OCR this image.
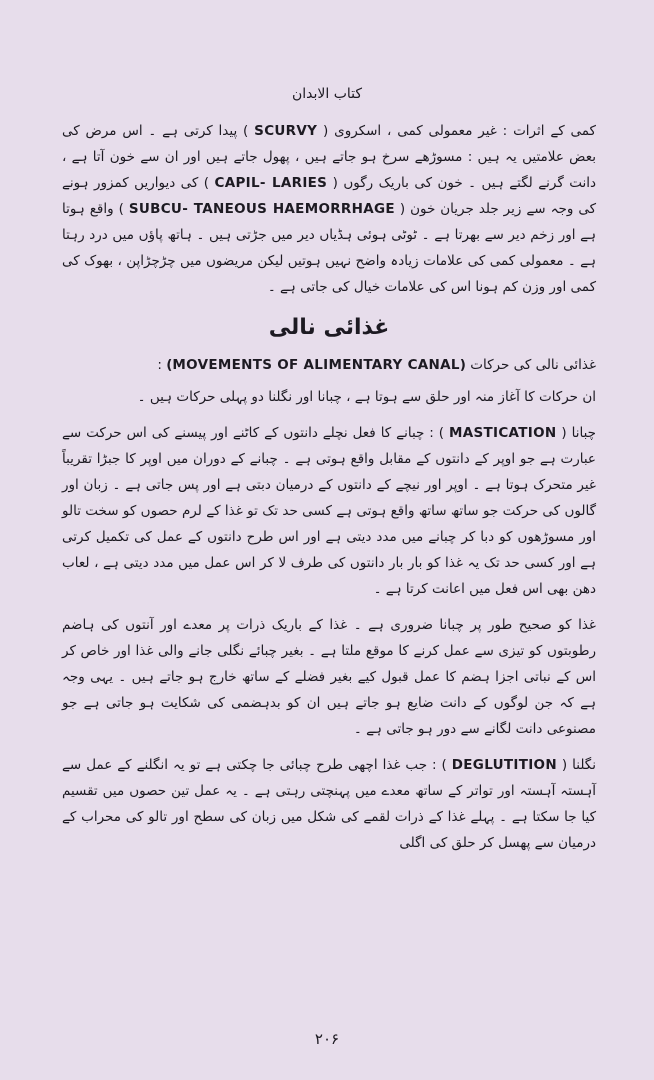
کتاب الابدان

کمی کے اثرات : غیر معمولی کمی ، اسکروی ( SCURVY ) پیدا کرتی ہے ۔ اس مرض کی بعض علامتیں یہ ہیں : مسوڑھے سرخ ہو جاتے ہیں ، پھول جاتے ہیں اور ان سے خون آتا ہے ، دانت گرنے لگتے ہیں ۔ خون کی باریک رگوں ( CAPIL- LARIES ) کی دیواریں کمزور ہونے کی وجہ سے زیر جلد جریان خون ( SUBCU- TANEOUS HAEMORRHAGE ) واقع ہوتا ہے اور زخم دیر سے بھرتا ہے ۔ ٹوٹی ہوئی ہڈیاں دیر میں جڑتی ہیں ۔ ہاتھ پاؤں میں درد رہتا ہے ۔ معمولی کمی کی علامات زیادہ واضح نہیں ہوتیں لیکن مریضوں میں چڑچڑاپن ، بھوک کی کمی اور وزن کم ہونا اس کی علامات خیال کی جاتی ہے ۔

غذائی نالی

غذائی نالی کی حرکات (MOVEMENTS OF ALIMENTARY CANAL) :

ان حرکات کا آغاز منہ اور حلق سے ہوتا ہے ، چبانا اور نگلنا دو پہلی حرکات ہیں ۔

چبانا ( MASTICATION ) : چبانے کا فعل نچلے دانتوں کے کاٹنے اور پیسنے کی اس حرکت سے عبارت ہے جو اوپر کے دانتوں کے مقابل واقع ہوتی ہے ۔ چبانے کے دوران میں اوپر کا جبڑا تقریباً غیر متحرک ہوتا ہے ۔ اوپر اور نیچے کے دانتوں کے درمیان دبتی ہے اور پس جاتی ہے ۔ زبان اور گالوں کی حرکت جو ساتھ ساتھ واقع ہوتی ہے کسی حد تک تو غذا کے لرم حصوں کو سخت تالو اور مسوڑھوں کو دبا کر چبانے میں مدد دیتی ہے اور اس طرح دانتوں کے عمل کی تکمیل کرتی ہے اور کسی حد تک یہ غذا کو بار بار دانتوں کی طرف لا کر اس عمل میں مدد دیتی ہے ، لعاب دھن بھی اس فعل میں اعانت کرتا ہے ۔

غذا کو صحیح طور پر چبانا ضروری ہے ۔ غذا کے باریک ذرات پر معدے اور آنتوں کی ہاضم رطوبتوں کو تیزی سے عمل کرنے کا موقع ملتا ہے ۔ بغیر چبائے نگلی جانے والی غذا اور خاص کر اس کے نباتی اجزا ہضم کا عمل قبول کیے بغیر فضلے کے ساتھ خارج ہو جاتے ہیں ۔ یہی وجہ ہے کہ جن لوگوں کے دانت ضایع ہو جاتے ہیں ان کو بدہضمی کی شکایت ہو جاتی ہے جو مصنوعی دانت لگانے سے دور ہو جاتی ہے ۔

نگلنا ( DEGLUTITION ) : جب غذا اچھی طرح چبائی جا چکتی ہے تو یہ انگلنے کے عمل سے آہستہ آہستہ اور تواتر کے ساتھ معدے میں پہنچتی رہتی ہے ۔ یہ عمل تین حصوں میں تقسیم کیا جا سکتا ہے ۔ پہلے غذا کے ذرات لقمے کی شکل میں زبان کی سطح اور تالو کی محراب کے درمیان سے پھسل کر حلق کی اگلی

۲۰۶
